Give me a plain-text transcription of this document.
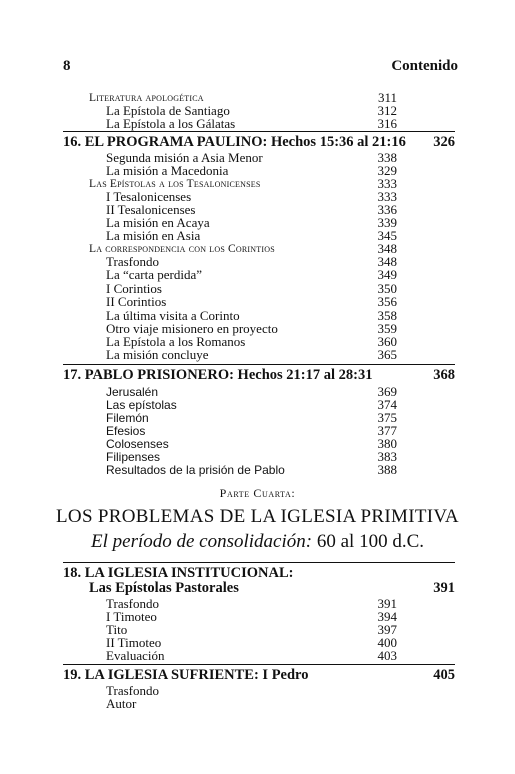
8	Contenido
Literatura apologética	311
La Epístola de Santiago	312
La Epístola a los Gálatas	316
16. EL PROGRAMA PAULINO: Hechos 15:36 al 21:16	326
Segunda misión a Asia Menor	338
La misión a Macedonia	329
Las Epístolas a los Tesalonicenses	333
I Tesalonicenses	333
II Tesalonicenses	336
La misión en Acaya	339
La misión en Asia	345
La correspondencia con los Corintios	348
Trasfondo	348
La “carta perdida”	349
I Corintios	350
II Corintios	356
La última visita a Corinto	358
Otro viaje misionero en proyecto	359
La Epístola a los Romanos	360
La misión concluye	365
17. PABLO PRISIONERO: Hechos 21:17 al 28:31	368
Jerusalén	369
Las epístolas	374
Filemón	375
Efesios	377
Colosenses	380
Filipenses	383
Resultados de la prisión de Pablo	388
Parte Cuarta:
LOS PROBLEMAS DE LA IGLESIA PRIMITIVA
El período de consolidación: 60 al 100 d.C.
18. LA IGLESIA INSTITUCIONAL:
Las Epístolas Pastorales	391
Trasfondo	391
I Timoteo	394
Tito	397
II Timoteo	400
Evaluación	403
19. LA IGLESIA SUFRIENTE: I Pedro	405
Trasfondo
Autor
